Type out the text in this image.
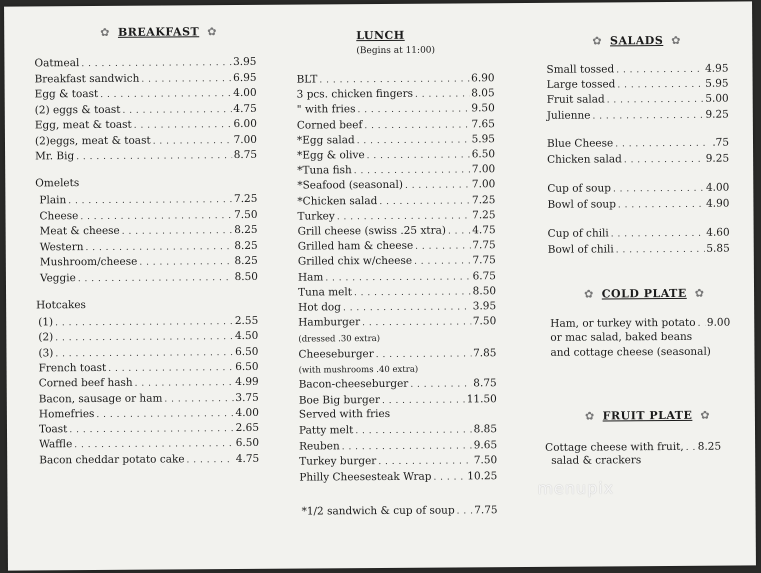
✿ BREAKFAST ✿
Oatmeal . . .	3.95
Breakfast sandwich . . .	6.95
Egg & toast . . .	4.00
(2) eggs & toast . . .	4.75
Egg, meat & toast . . .	6.00
(2)eggs, meat & toast . . .	7.00
Mr. Big . . .	8.75
Omelets
Plain . . .	7.25
Cheese . . .	7.50
Meat & cheese . . .	8.25
Western . . .	8.25
Mushroom/cheese . . .	8.25
Veggie . . .	8.50
Hotcakes
(1) . . .	2.55
(2) . . .	4.50
(3) . . .	6.50
French toast . . .	6.50
Corned beef hash . . .	4.99
Bacon, sausage or ham . . .	3.75
Homefries . . .	4.00
Toast . . .	2.65
Waffle . . .	6.50
Bacon cheddar potato cake . . .	4.75
LUNCH
(Begins at 11:00)
BLT . . .	6.90
3 pcs. chicken fingers . . .	8.05
" with fries . . .	9.50
Corned beef . . .	7.65
*Egg salad . . .	5.95
*Egg & olive . . .	6.50
*Tuna fish . . .	7.00
*Seafood (seasonal) . . .	7.00
*Chicken salad . . .	7.25
Turkey . . .	7.25
Grill cheese (swiss .25 xtra) . . . 4.75
Grilled ham & cheese . . .	7.75
Grilled chix w/cheese . . .	7.75
Ham . . .	6.75
Tuna melt . . .	8.50
Hot dog . . .	3.95
Hamburger . . .	7.50
(dressed .30 extra)
Cheeseburger . . .	7.85
(with mushrooms .40 extra)
Bacon-cheeseburger . . .	8.75
Boe Big burger . . .	11.50
Served with fries
Patty melt . . .	8.85
Reuben . . .	9.65
Turkey burger . . .	7.50
Philly Cheesesteak Wrap . . .	10.25
*1/2 sandwich & cup of soup . . . 7.75
✿ SALADS ✿
Small tossed . . .	4.95
Large tossed . . .	5.95
Fruit salad . . .	5.00
Julienne . . .	9.25
Blue Cheese . . .	.75
Chicken salad . . .	9.25
Cup of soup . . .	4.00
Bowl of soup . . .	4.90
Cup of chili . . .	4.60
Bowl of chili . . .	5.85
✿ COLD PLATE ✿
Ham, or turkey with potato . . . 9.00
or mac salad, baked beans
and cottage cheese (seasonal)
✿ FRUIT PLATE ✿
Cottage cheese with fruit, . . . 8.25
salad & crackers
menupix
